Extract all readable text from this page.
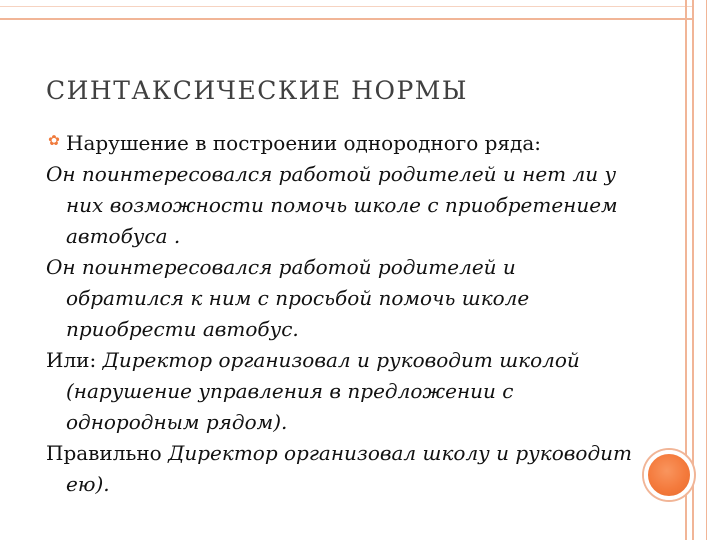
СИНТАКСИЧЕСКИЕ НОРМЫ
✿ Нарушение в построении однородного ряда:
Он поинтересовался работой родителей и нет ли у них возможности помочь школе с приобретением автобуса .
Он поинтересовался работой родителей и обратился к ним с просьбой помочь школе приобрести автобус.
Или: Директор организовал и руководит школой (нарушение управления в предложении с однородным рядом).
Правильно Директор организовал школу и руководит ею).
